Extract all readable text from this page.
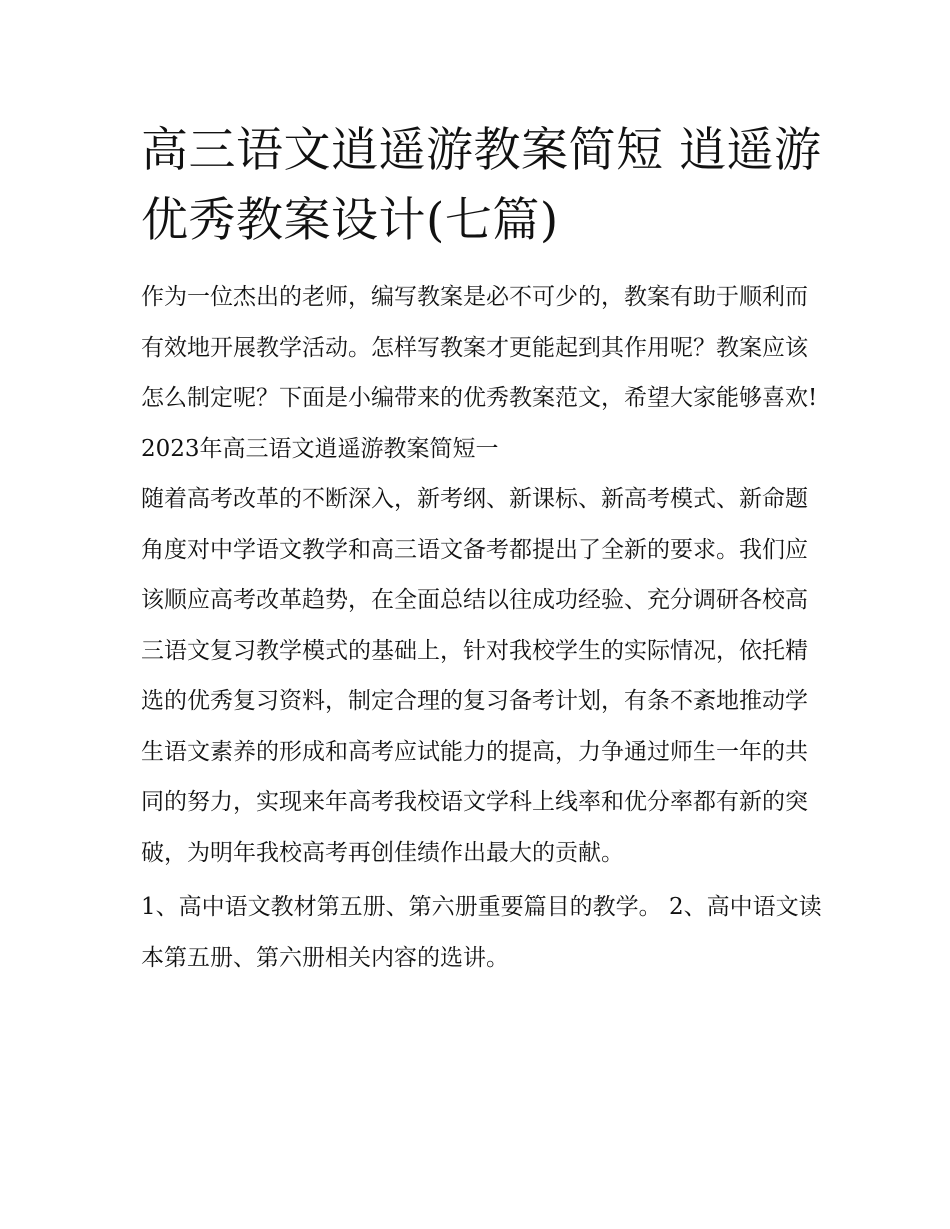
高三语文逍遥游教案简短 逍遥游优秀教案设计(七篇)

作为一位杰出的老师，编写教案是必不可少的，教案有助于顺利而有效地开展教学活动。怎样写教案才更能起到其作用呢？教案应该怎么制定呢？下面是小编带来的优秀教案范文，希望大家能够喜欢!

2023年高三语文逍遥游教案简短一

随着高考改革的不断深入，新考纲、新课标、新高考模式、新命题角度对中学语文教学和高三语文备考都提出了全新的要求。我们应该顺应高考改革趋势，在全面总结以往成功经验、充分调研各校高三语文复习教学模式的基础上，针对我校学生的实际情况，依托精选的优秀复习资料，制定合理的复习备考计划，有条不紊地推动学生语文素养的形成和高考应试能力的提高，力争通过师生一年的共同的努力，实现来年高考我校语文学科上线率和优分率都有新的突破，为明年我校高考再创佳绩作出最大的贡献。

1、高中语文教材第五册、第六册重要篇目的教学。 2、高中语文读本第五册、第六册相关内容的选讲。
